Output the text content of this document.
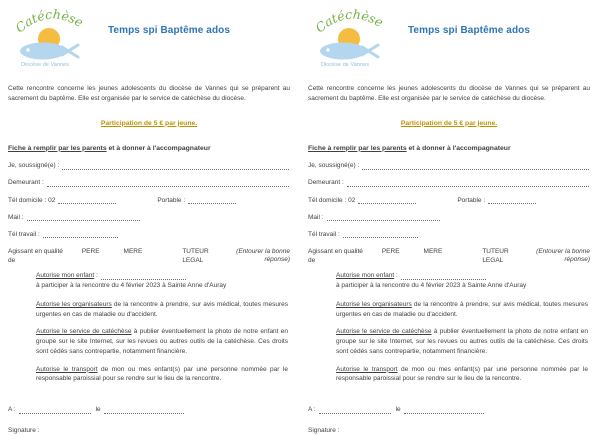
Catéchèse
Diocèse de Vannes
Temps spi Baptême ados

Cette rencontre concerne les jeunes adolescents du diocèse de Vannes qui se préparent au sacrement du baptême. Elle est organisée par le service de catéchèse du diocèse.

Participation de 5 € par jeune.
Fiche à remplir par les parents et à donner à l'accompagnateur
Je, soussigné(e) :
Demeurant :
Tél domicile : 02	Portable :
Mail :
Tél travail :
Agissant en qualité de
PERE	MERE	TUTEUR LEGAL
(Entourer la bonne réponse)
Autorise mon enfant :
à participer à la rencontre du 4 février 2023 à Sainte Anne d'Auray

Autorise les organisateurs de la rencontre à prendre, sur avis médical, toutes mesures urgentes en cas de maladie ou d'accident.

Autorise le service de catéchèse à publier éventuellement la photo de notre enfant en groupe sur le site Internet, sur les revues ou autres outils de la catéchèse. Ces droits sont cédés sans contrepartie, notamment financière.

Autorise le transport de mon ou mes enfant(s) par une personne nommée par le responsable paroissial pour se rendre sur le lieu de la rencontre.

A :	le
Signature :
Catéchèse
Diocèse de Vannes
Temps spi Baptême ados

Cette rencontre concerne les jeunes adolescents du diocèse de Vannes qui se préparent au sacrement du baptême. Elle est organisée par le service de catéchèse du diocèse.

Participation de 5 € par jeune.
Fiche à remplir par les parents et à donner à l'accompagnateur
Je, soussigné(e) :
Demeurant :
Tél domicile : 02	Portable :
Mail :
Tél travail :
Agissant en qualité de
PERE	MERE	TUTEUR LEGAL
(Entourer la bonne réponse)
Autorise mon enfant :
à participer à la rencontre du 4 février 2023 à Sainte Anne d'Auray

Autorise les organisateurs de la rencontre à prendre, sur avis médical, toutes mesures urgentes en cas de maladie ou d'accident.

Autorise le service de catéchèse à publier éventuellement la photo de notre enfant en groupe sur le site Internet, sur les revues ou autres outils de la catéchèse. Ces droits sont cédés sans contrepartie, notamment financière.

Autorise le transport de mon ou mes enfant(s) par une personne nommée par le responsable paroissial pour se rendre sur le lieu de la rencontre.

A :	le
Signature :
